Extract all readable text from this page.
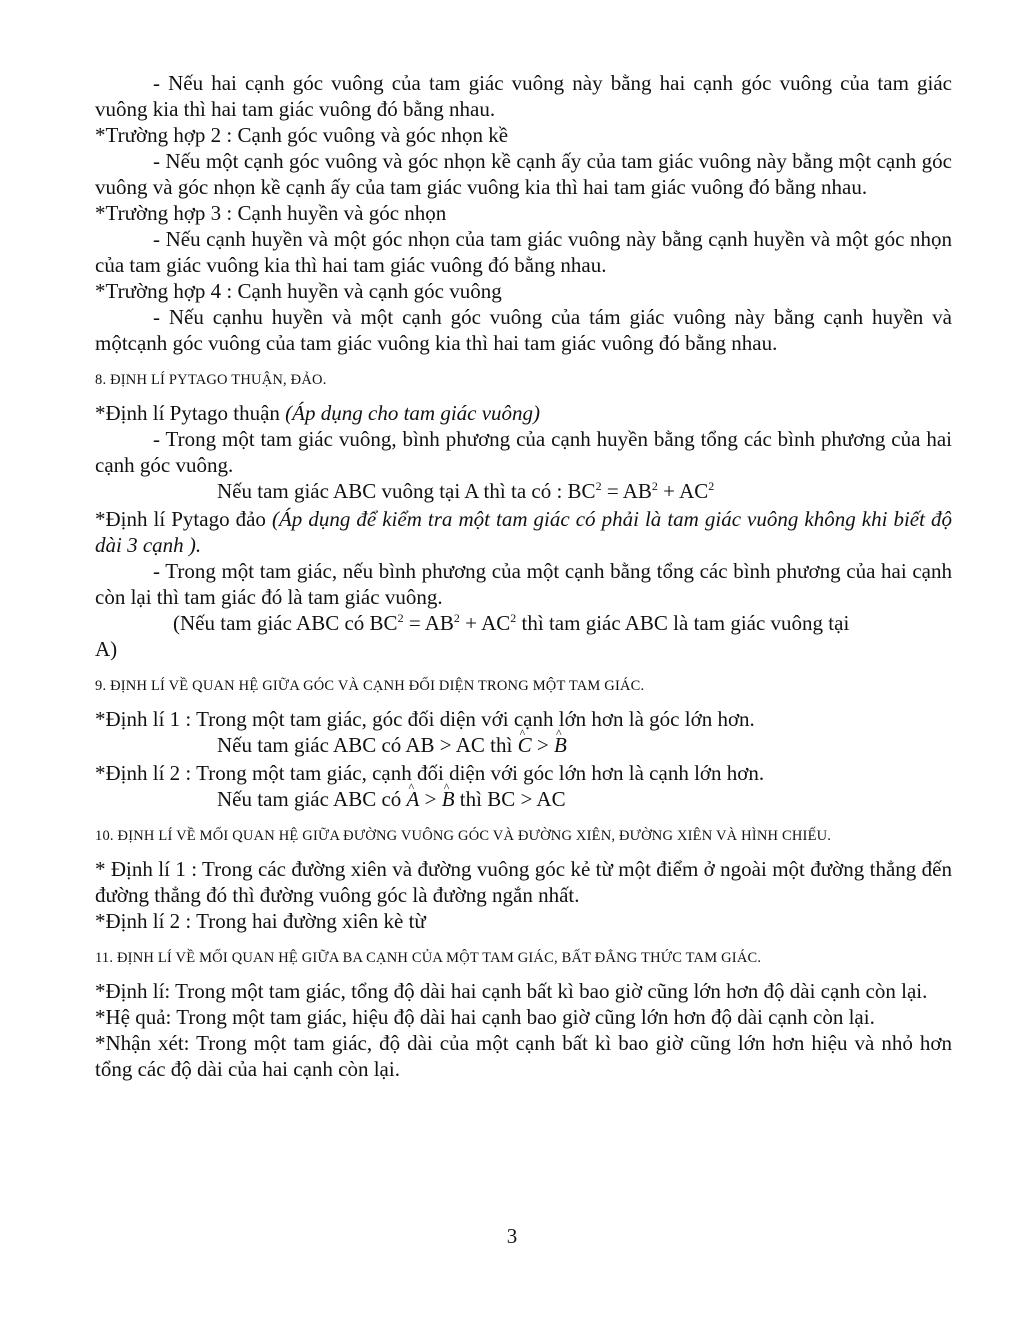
- Nếu hai cạnh góc vuông của tam giác vuông này bằng hai cạnh góc vuông của tam giác vuông kia thì hai tam giác vuông đó bằng nhau.

*Trường hợp 2 : Cạnh góc vuông và góc nhọn kề

- Nếu một cạnh góc vuông và góc nhọn kề cạnh ấy của tam giác vuông này bằng một cạnh góc vuông và góc nhọn kề cạnh ấy của tam giác vuông kia thì hai tam giác vuông đó bằng nhau.

*Trường hợp 3 : Cạnh huyền và góc nhọn

- Nếu cạnh huyền và một góc nhọn của tam giác vuông này bằng cạnh huyền và một góc nhọn của tam giác vuông kia thì hai tam giác vuông đó bằng nhau.

*Trường hợp 4 : Cạnh huyền và cạnh góc vuông

- Nếu cạnhu huyền và một cạnh góc vuông của tám giác vuông này bằng cạnh huyền và mộtcạnh góc vuông của tam giác vuông kia thì hai tam giác vuông đó bằng nhau.

8. ĐỊNH LÍ PYTAGO THUẬN, ĐẢO.

*Định lí Pytago thuận (Áp dụng cho tam giác vuông)

- Trong một tam giác vuông, bình phương của cạnh huyền bằng tổng các bình phương của hai cạnh góc vuông.

Nếu tam giác ABC vuông tại A thì ta có : $BC^2 = AB^2 + AC^2$

*Định lí Pytago đảo (Áp dụng để kiểm tra một tam giác có phải là tam giác vuông không khi biết độ dài 3 cạnh ).

- Trong một tam giác, nếu bình phương của một cạnh bằng tổng các bình phương của hai cạnh còn lại thì tam giác đó là tam giác vuông.

(Nếu tam giác ABC có $BC^2 = AB^2 + AC^2$ thì tam giác ABC là tam giác vuông tại

A)

9. ĐỊNH LÍ VỀ QUAN HỆ GIỮA GÓC VÀ CẠNH ĐỐI DIỆN TRONG MỘT TAM GIÁC.

*Định lí 1 : Trong một tam giác, góc đối diện với cạnh lớn hơn là góc lớn hơn.

Nếu tam giác ABC có AB > AC thì ^ C > ^ B

*Định lí 2 : Trong một tam giác, cạnh đối diện với góc lớn hơn là cạnh lớn hơn.

Nếu tam giác ABC có ^ A > ^ B thì BC > AC

10. ĐỊNH LÍ VỀ MỐI QUAN HỆ GIỮA ĐƯỜNG VUÔNG GÓC VÀ ĐƯỜNG XIÊN, ĐƯỜNG XIÊN VÀ HÌNH CHIẾU.

* Định lí 1 : Trong các đường xiên và đường vuông góc kẻ từ một điểm ở ngoài một đường thẳng đến đường thẳng đó thì đường vuông góc là đường ngắn nhất.

*Định lí 2 : Trong hai đường xiên kè từ

11. ĐỊNH LÍ VỀ MỐI QUAN HỆ GIỮA BA CẠNH CỦA MỘT TAM GIÁC, BẤT ĐẲNG THỨC TAM GIÁC.

*Định lí: Trong một tam giác, tổng độ dài hai cạnh bất kì bao giờ cũng lớn hơn độ dài cạnh còn lại.

*Hệ quả: Trong một tam giác, hiệu độ dài hai cạnh bao giờ cũng lớn hơn độ dài cạnh còn lại.

*Nhận xét: Trong một tam giác, độ dài của một cạnh bất kì bao giờ cũng lớn hơn hiệu và nhỏ hơn tổng các độ dài của hai cạnh còn lại.

3
